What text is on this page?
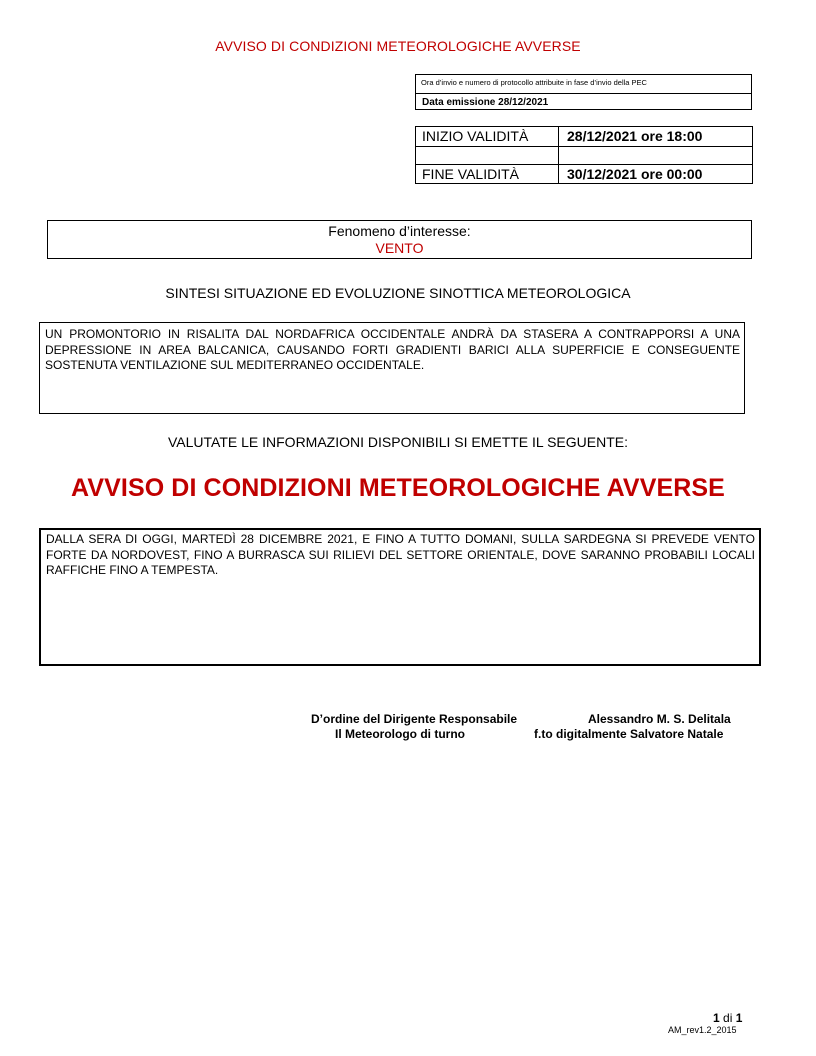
AVVISO DI CONDIZIONI METEOROLOGICHE AVVERSE
Ora d’invio e numero di protocollo attribuite in fase d’invio della PEC
Data emissione 28/12/2021
INIZIO VALIDITÀ	28/12/2021 ore 18:00
FINE VALIDITÀ	30/12/2021 ore 00:00
Fenomeno d’interesse:
VENTO
SINTESI SITUAZIONE ED EVOLUZIONE SINOTTICA METEOROLOGICA

UN PROMONTORIO IN RISALITA DAL NORDAFRICA OCCIDENTALE ANDRÀ DA STASERA A CONTRAPPORSI A UNA DEPRESSIONE IN AREA BALCANICA, CAUSANDO FORTI GRADIENTI BARICI ALLA SUPERFICIE E CONSEGUENTE SOSTENUTA VENTILAZIONE SUL MEDITERRANEO OCCIDENTALE.

VALUTATE LE INFORMAZIONI DISPONIBILI SI EMETTE IL SEGUENTE:
AVVISO DI CONDIZIONI METEOROLOGICHE AVVERSE

DALLA SERA DI OGGI, MARTEDÌ 28 DICEMBRE 2021, E FINO A TUTTO DOMANI, SULLA SARDEGNA SI PREVEDE VENTO FORTE DA NORDOVEST, FINO A BURRASCA SUI RILIEVI DEL SETTORE ORIENTALE, DOVE SARANNO PROBABILI LOCALI RAFFICHE FINO A TEMPESTA.

D’ordine del Dirigente Responsabile	Alessandro M. S. Delitala
Il Meteorologo di turno	f.to digitalmente Salvatore Natale
1 di 1
AM_rev1.2_2015
